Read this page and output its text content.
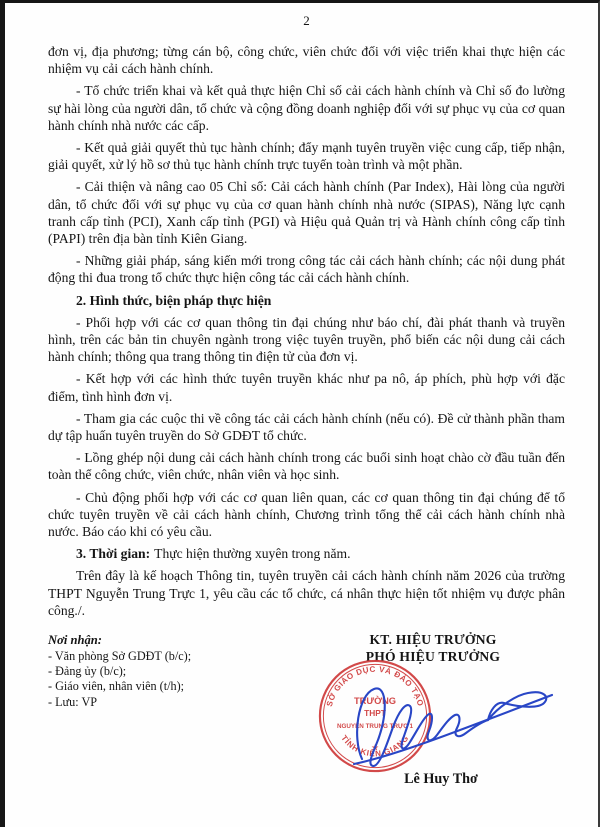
2

đơn vị, địa phương; từng cán bộ, công chức, viên chức đối với việc triển khai thực hiện các nhiệm vụ cải cách hành chính.

- Tổ chức triển khai và kết quả thực hiện Chỉ số cải cách hành chính và Chỉ số đo lường sự hài lòng của người dân, tổ chức và cộng đồng doanh nghiệp đối với sự phục vụ của cơ quan hành chính nhà nước các cấp.

- Kết quả giải quyết thủ tục hành chính; đẩy mạnh tuyên truyền việc cung cấp, tiếp nhận, giải quyết, xử lý hồ sơ thủ tục hành chính trực tuyến toàn trình và một phần.

- Cải thiện và nâng cao 05 Chỉ số: Cải cách hành chính (Par Index), Hài lòng của người dân, tổ chức đối với sự phục vụ của cơ quan hành chính nhà nước (SIPAS), Năng lực cạnh tranh cấp tỉnh (PCI), Xanh cấp tỉnh (PGI) và Hiệu quả Quản trị và Hành chính công cấp tỉnh (PAPI) trên địa bàn tỉnh Kiên Giang.

- Những giải pháp, sáng kiến mới trong công tác cải cách hành chính; các nội dung phát động thi đua trong tổ chức thực hiện công tác cải cách hành chính.

2. Hình thức, biện pháp thực hiện

- Phối hợp với các cơ quan thông tin đại chúng như báo chí, đài phát thanh và truyền hình, trên các bản tin chuyên ngành trong việc tuyên truyền, phổ biến các nội dung cải cách hành chính; thông qua trang thông tin điện tử của đơn vị.

- Kết hợp với các hình thức tuyên truyền khác như pa nô, áp phích, phù hợp với đặc điểm, tình hình đơn vị.

- Tham gia các cuộc thi về công tác cải cách hành chính (nếu có). Đề cử thành phần tham dự tập huấn tuyên truyền do Sở GDĐT tổ chức.

- Lồng ghép nội dung cải cách hành chính trong các buổi sinh hoạt chào cờ đầu tuần đến toàn thể công chức, viên chức, nhân viên và học sinh.

- Chủ động phối hợp với các cơ quan liên quan, các cơ quan thông tin đại chúng để tổ chức tuyên truyền về cải cách hành chính, Chương trình tổng thể cải cách hành chính nhà nước. Báo cáo khi có yêu cầu.

3. Thời gian: Thực hiện thường xuyên trong năm.

Trên đây là kế hoạch Thông tin, tuyên truyền cải cách hành chính năm 2026 của trường THPT Nguyễn Trung Trực 1, yêu cầu các tổ chức, cá nhân thực hiện tốt nhiệm vụ được phân công./.

Nơi nhận:
- Văn phòng Sở GDĐT (b/c);
- Đảng ủy (b/c);
- Giáo viên, nhân viên (t/h);
- Lưu: VP
KT. HIỆU TRƯỞNG
PHÓ HIỆU TRƯỞNG
SỞ GIÁO DỤC VÀ ĐÀO TẠO
TỈNH KIÊN GIANG
TRƯỜNG
THPT
NGUYỄN TRUNG TRỰC 1
★
Lê Huy Thơ
